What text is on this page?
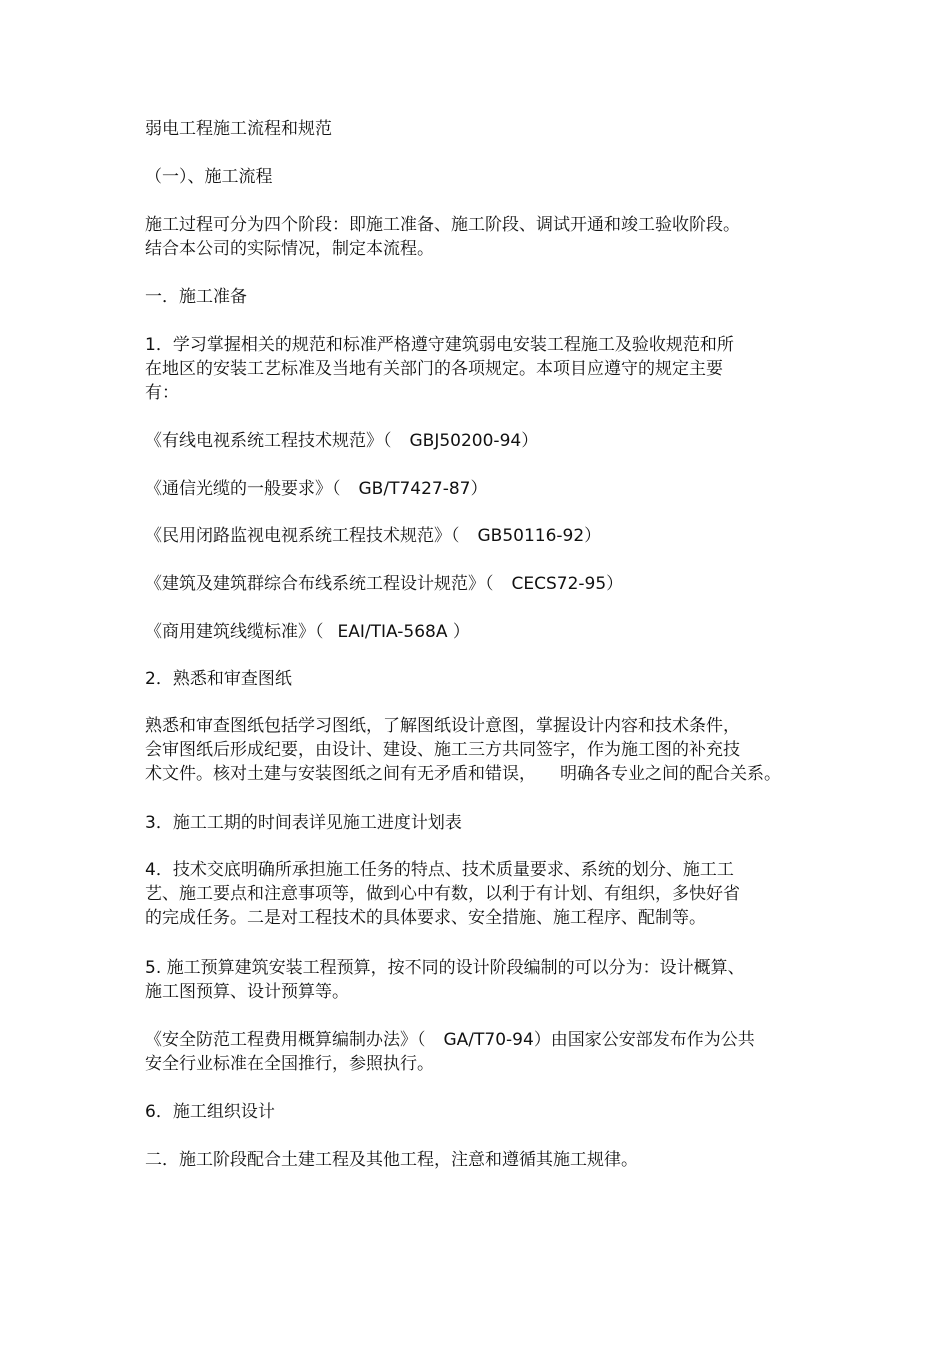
弱电工程施工流程和规范
（一）、施工流程
施工过程可分为四个阶段：即施工准备、施工阶段、调试开通和竣工验收阶段。
结合本公司的实际情况，制定本流程。
一．施工准备
1．学习掌握相关的规范和标准严格遵守建筑弱电安装工程施工及验收规范和所
在地区的安装工艺标准及当地有关部门的各项规定。本项目应遵守的规定主要
有：
《有线电视系统工程技术规范》（ GBJ50200-94）
《通信光缆的一般要求》（ GB/T7427-87）
《民用闭路监视电视系统工程技术规范》（ GB50116-92）
《建筑及建筑群综合布线系统工程设计规范》（ CECS72-95）
《商用建筑线缆标准》（ EAI/TIA-568A ）
2．熟悉和审查图纸
熟悉和审查图纸包括学习图纸，了解图纸设计意图，掌握设计内容和技术条件，
会审图纸后形成纪要，由设计、建设、施工三方共同签字，作为施工图的补充技
术文件。核对土建与安装图纸之间有无矛盾和错误， 明确各专业之间的配合关系。
3．施工工期的时间表详见施工进度计划表
4．技术交底明确所承担施工任务的特点、技术质量要求、系统的划分、施工工
艺、施工要点和注意事项等，做到心中有数，以利于有计划、有组织，多快好省
的完成任务。二是对工程技术的具体要求、安全措施、施工程序、配制等。
5. 施工预算建筑安装工程预算，按不同的设计阶段编制的可以分为：设计概算、
施工图预算、设计预算等。
《安全防范工程费用概算编制办法》（ GA/T70-94）由国家公安部发布作为公共
安全行业标准在全国推行，参照执行。
6．施工组织设计
二．施工阶段配合土建工程及其他工程，注意和遵循其施工规律。
